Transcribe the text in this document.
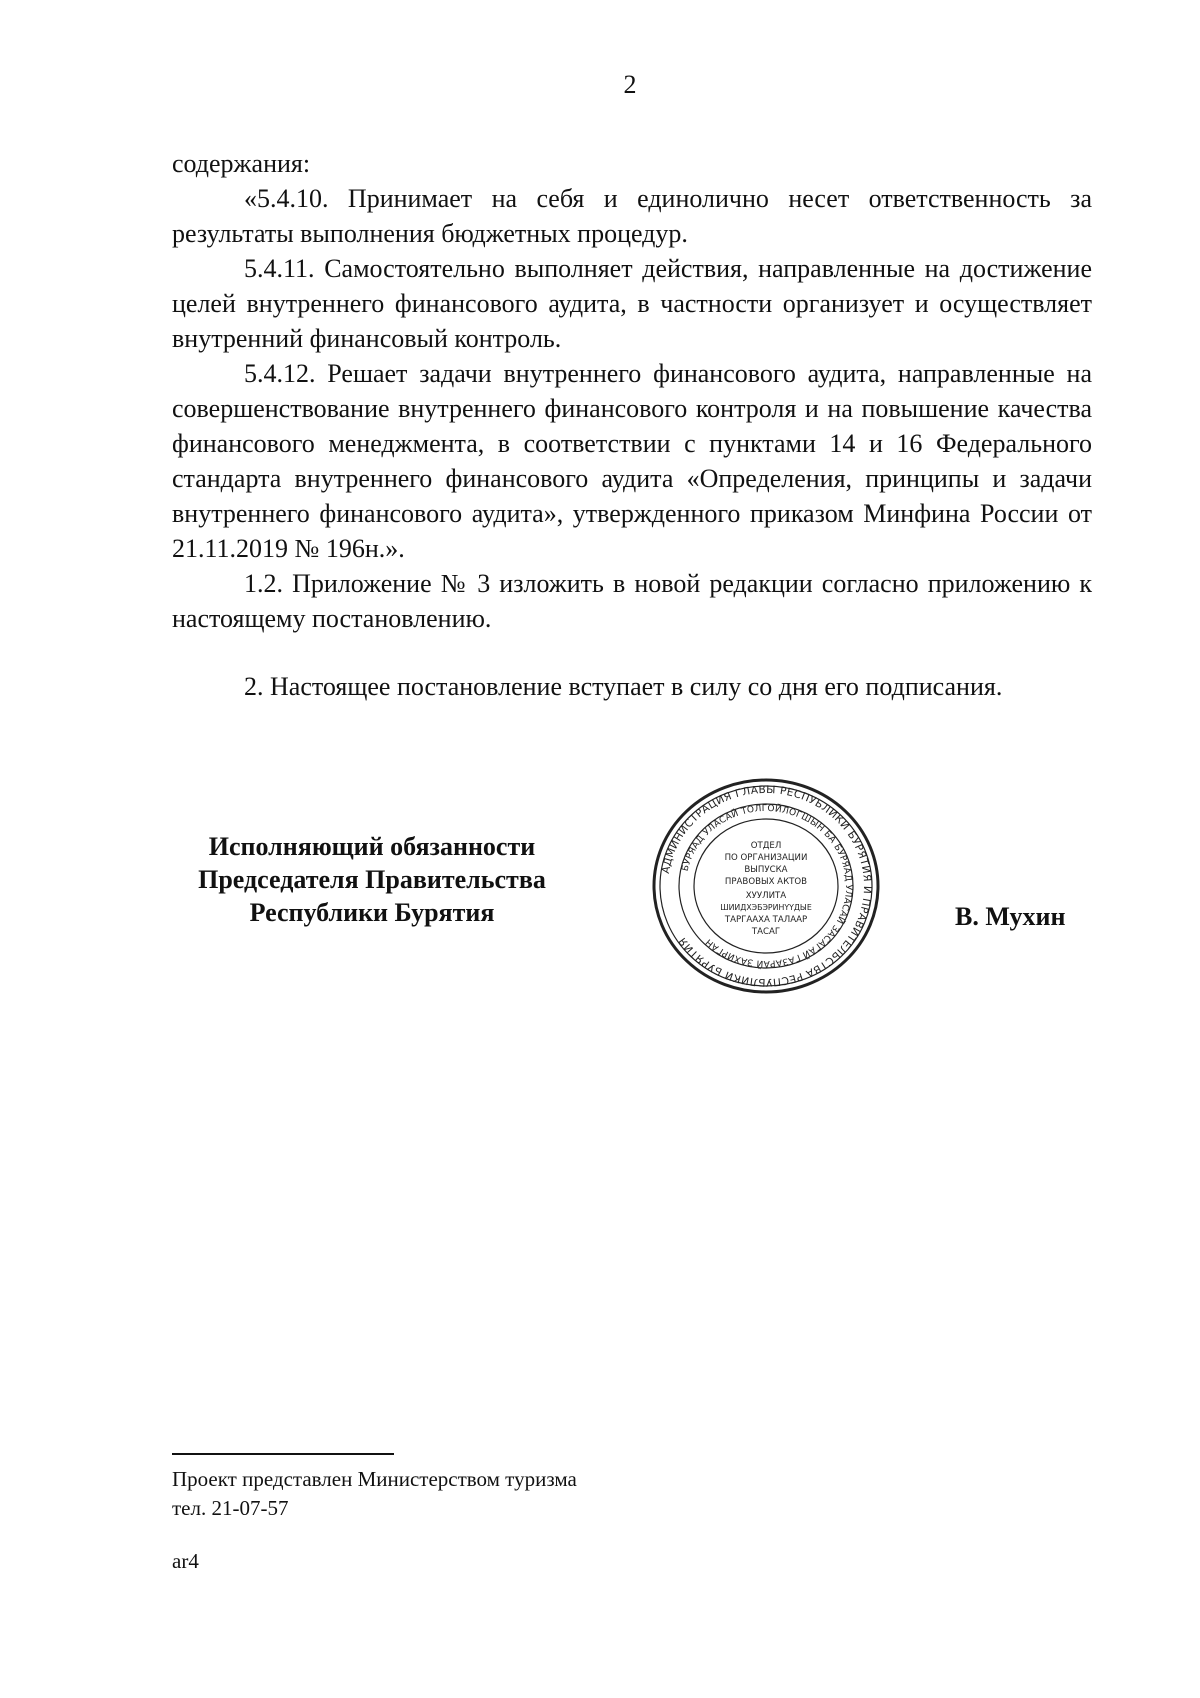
2

содержания:

«5.4.10. Принимает на себя и единолично несет ответственность за результаты выполнения бюджетных процедур.

5.4.11. Самостоятельно выполняет действия, направленные на достижение целей внутреннего финансового аудита, в частности организует и осуществляет внутренний финансовый контроль.

5.4.12. Решает задачи внутреннего финансового аудита, направленные на совершенствование внутреннего финансового контроля и на повышение качества финансового менеджмента, в соответствии с пунктами 14 и 16 Федерального стандарта внутреннего финансового аудита «Определения, принципы и задачи внутреннего финансового аудита», утвержденного приказом Минфина России от 21.11.2019 № 196н.».

1.2. Приложение № 3 изложить в новой редакции согласно приложению к настоящему постановлению.

2. Настоящее постановление вступает в силу со дня его подписания.

Исполняющий обязанности
Председателя Правительства
Республики Бурятия
АДМИНИСТРАЦИЯ ГЛАВЫ РЕСПУБЛИКИ БУРЯТИЯ И ПРАВИТЕЛЬСТВА РЕСПУБЛИКИ БУРЯТИЯ
БУРЯАД УЛАСАЙ ТОЛГОЙЛОГШЫН БА БУРЯАД УЛАСАЙ ЗАСАГАЙ ГАЗАРАЙ ЗАХИРГАН
ОТДЕЛ
ПО ОРГАНИЗАЦИИ
ВЫПУСКА
ПРАВОВЫХ АКТОВ
ХУУЛИТА
ШИИДХЭБЭРИНҮҮДЫЕ
ТАРГААХА ТАЛААР
ТАСАГ
В. Мухин
Проект представлен Министерством туризма
тел. 21-07-57
ar4
